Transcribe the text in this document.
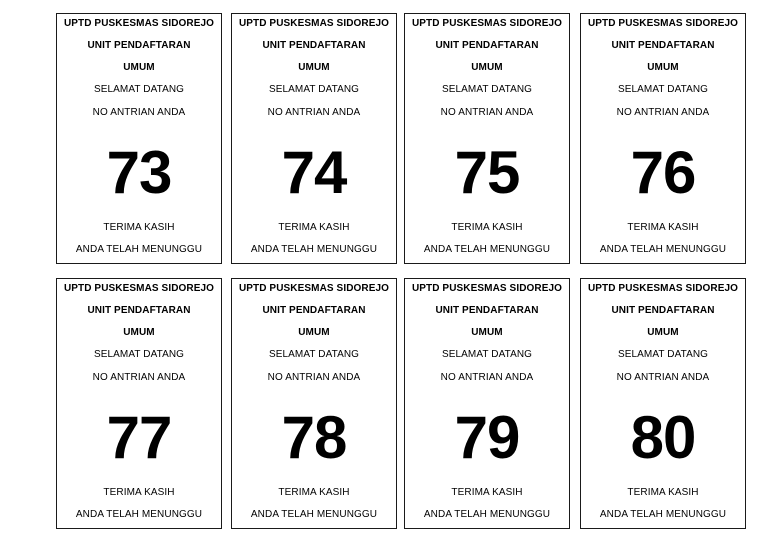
UPTD PUSKESMAS SIDOREJO
UNIT PENDAFTARAN
UMUM
SELAMAT DATANG
NO ANTRIAN ANDA
73
TERIMA KASIH
ANDA TELAH MENUNGGU
UPTD PUSKESMAS SIDOREJO
UNIT PENDAFTARAN
UMUM
SELAMAT DATANG
NO ANTRIAN ANDA
74
TERIMA KASIH
ANDA TELAH MENUNGGU
UPTD PUSKESMAS SIDOREJO
UNIT PENDAFTARAN
UMUM
SELAMAT DATANG
NO ANTRIAN ANDA
75
TERIMA KASIH
ANDA TELAH MENUNGGU
UPTD PUSKESMAS SIDOREJO
UNIT PENDAFTARAN
UMUM
SELAMAT DATANG
NO ANTRIAN ANDA
76
TERIMA KASIH
ANDA TELAH MENUNGGU
UPTD PUSKESMAS SIDOREJO
UNIT PENDAFTARAN
UMUM
SELAMAT DATANG
NO ANTRIAN ANDA
77
TERIMA KASIH
ANDA TELAH MENUNGGU
UPTD PUSKESMAS SIDOREJO
UNIT PENDAFTARAN
UMUM
SELAMAT DATANG
NO ANTRIAN ANDA
78
TERIMA KASIH
ANDA TELAH MENUNGGU
UPTD PUSKESMAS SIDOREJO
UNIT PENDAFTARAN
UMUM
SELAMAT DATANG
NO ANTRIAN ANDA
79
TERIMA KASIH
ANDA TELAH MENUNGGU
UPTD PUSKESMAS SIDOREJO
UNIT PENDAFTARAN
UMUM
SELAMAT DATANG
NO ANTRIAN ANDA
80
TERIMA KASIH
ANDA TELAH MENUNGGU
